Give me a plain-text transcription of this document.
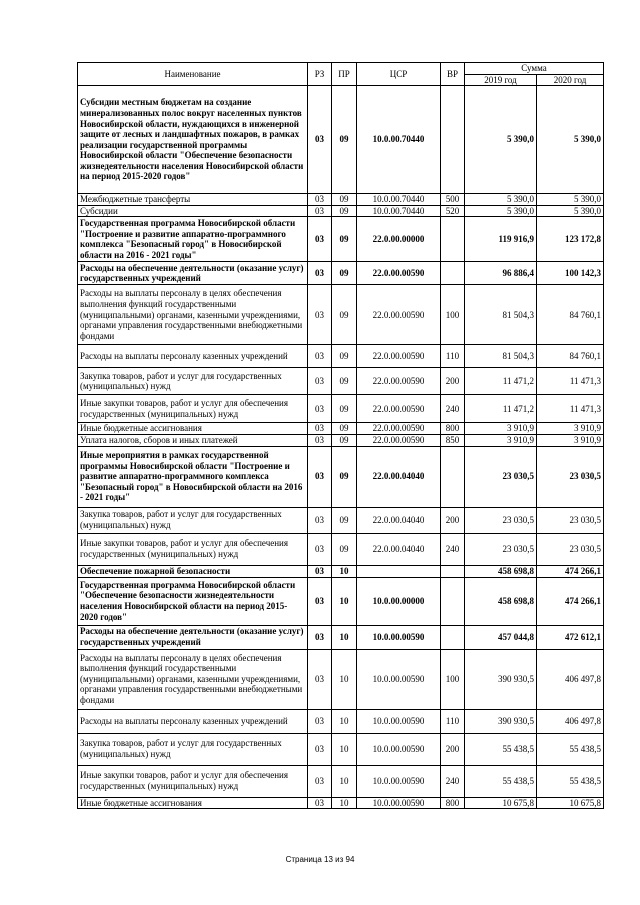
Наименование	РЗ	ПР	ЦСР	ВР	Сумма	
					2019 год	2020 год
Субсидии местным бюджетам на создание минерализованных полос вокруг населенных пунктов Новосибирской области, нуждающихся в инженерной защите от лесных и ландшафтных пожаров, в рамках реализации государственной программы Новосибирской области "Обеспечение безопасности жизнедеятельности населения Новосибирской области на период 2015-2020 годов"	03	09	10.0.00.70440		5 390,0	5 390,0
Межбюджетные трансферты	03	09	10.0.00.70440	500	5 390,0	5 390,0
Субсидии	03	09	10.0.00.70440	520	5 390,0	5 390,0
Государственная программа Новосибирской области "Построение и развитие аппаратно-программного комплекса "Безопасный город" в Новосибирской области на 2016 - 2021 годы"	03	09	22.0.00.00000		119 916,9	123 172,8
Расходы на обеспечение деятельности (оказание услуг) государственных учреждений	03	09	22.0.00.00590		96 886,4	100 142,3
Расходы на выплаты персоналу в целях обеспечения выполнения функций государственными (муниципальными) органами, казенными учреждениями, органами управления государственными внебюджетными фондами	03	09	22.0.00.00590	100	81 504,3	84 760,1
Расходы на выплаты персоналу казенных учреждений	03	09	22.0.00.00590	110	81 504,3	84 760,1
Закупка товаров, работ и услуг для государственных (муниципальных) нужд	03	09	22.0.00.00590	200	11 471,2	11 471,3
Иные закупки товаров, работ и услуг для обеспечения государственных (муниципальных) нужд	03	09	22.0.00.00590	240	11 471,2	11 471,3
Иные бюджетные ассигнования	03	09	22.0.00.00590	800	3 910,9	3 910,9
Уплата налогов, сборов и иных платежей	03	09	22.0.00.00590	850	3 910,9	3 910,9
Иные мероприятия в рамках государственной программы Новосибирской области "Построение и развитие аппаратно-программного комплекса "Безопасный город" в Новосибирской области на 2016 - 2021 годы"	03	09	22.0.00.04040		23 030,5	23 030,5
Закупка товаров, работ и услуг для государственных (муниципальных) нужд	03	09	22.0.00.04040	200	23 030,5	23 030,5
Иные закупки товаров, работ и услуг для обеспечения государственных (муниципальных) нужд	03	09	22.0.00.04040	240	23 030,5	23 030,5
Обеспечение пожарной безопасности	03	10			458 698,8	474 266,1
Государственная программа Новосибирской области "Обеспечение безопасности жизнедеятельности населения Новосибирской области на период 2015-2020 годов"	03	10	10.0.00.00000		458 698,8	474 266,1
Расходы на обеспечение деятельности (оказание услуг) государственных учреждений	03	10	10.0.00.00590		457 044,8	472 612,1
Расходы на выплаты персоналу в целях обеспечения выполнения функций государственными (муниципальными) органами, казенными учреждениями, органами управления государственными внебюджетными фондами	03	10	10.0.00.00590	100	390 930,5	406 497,8
Расходы на выплаты персоналу казенных учреждений	03	10	10.0.00.00590	110	390 930,5	406 497,8
Закупка товаров, работ и услуг для государственных (муниципальных) нужд	03	10	10.0.00.00590	200	55 438,5	55 438,5
Иные закупки товаров, работ и услуг для обеспечения государственных (муниципальных) нужд	03	10	10.0.00.00590	240	55 438,5	55 438,5
Иные бюджетные ассигнования	03	10	10.0.00.00590	800	10 675,8	10 675,8
Страница 13 из 94
